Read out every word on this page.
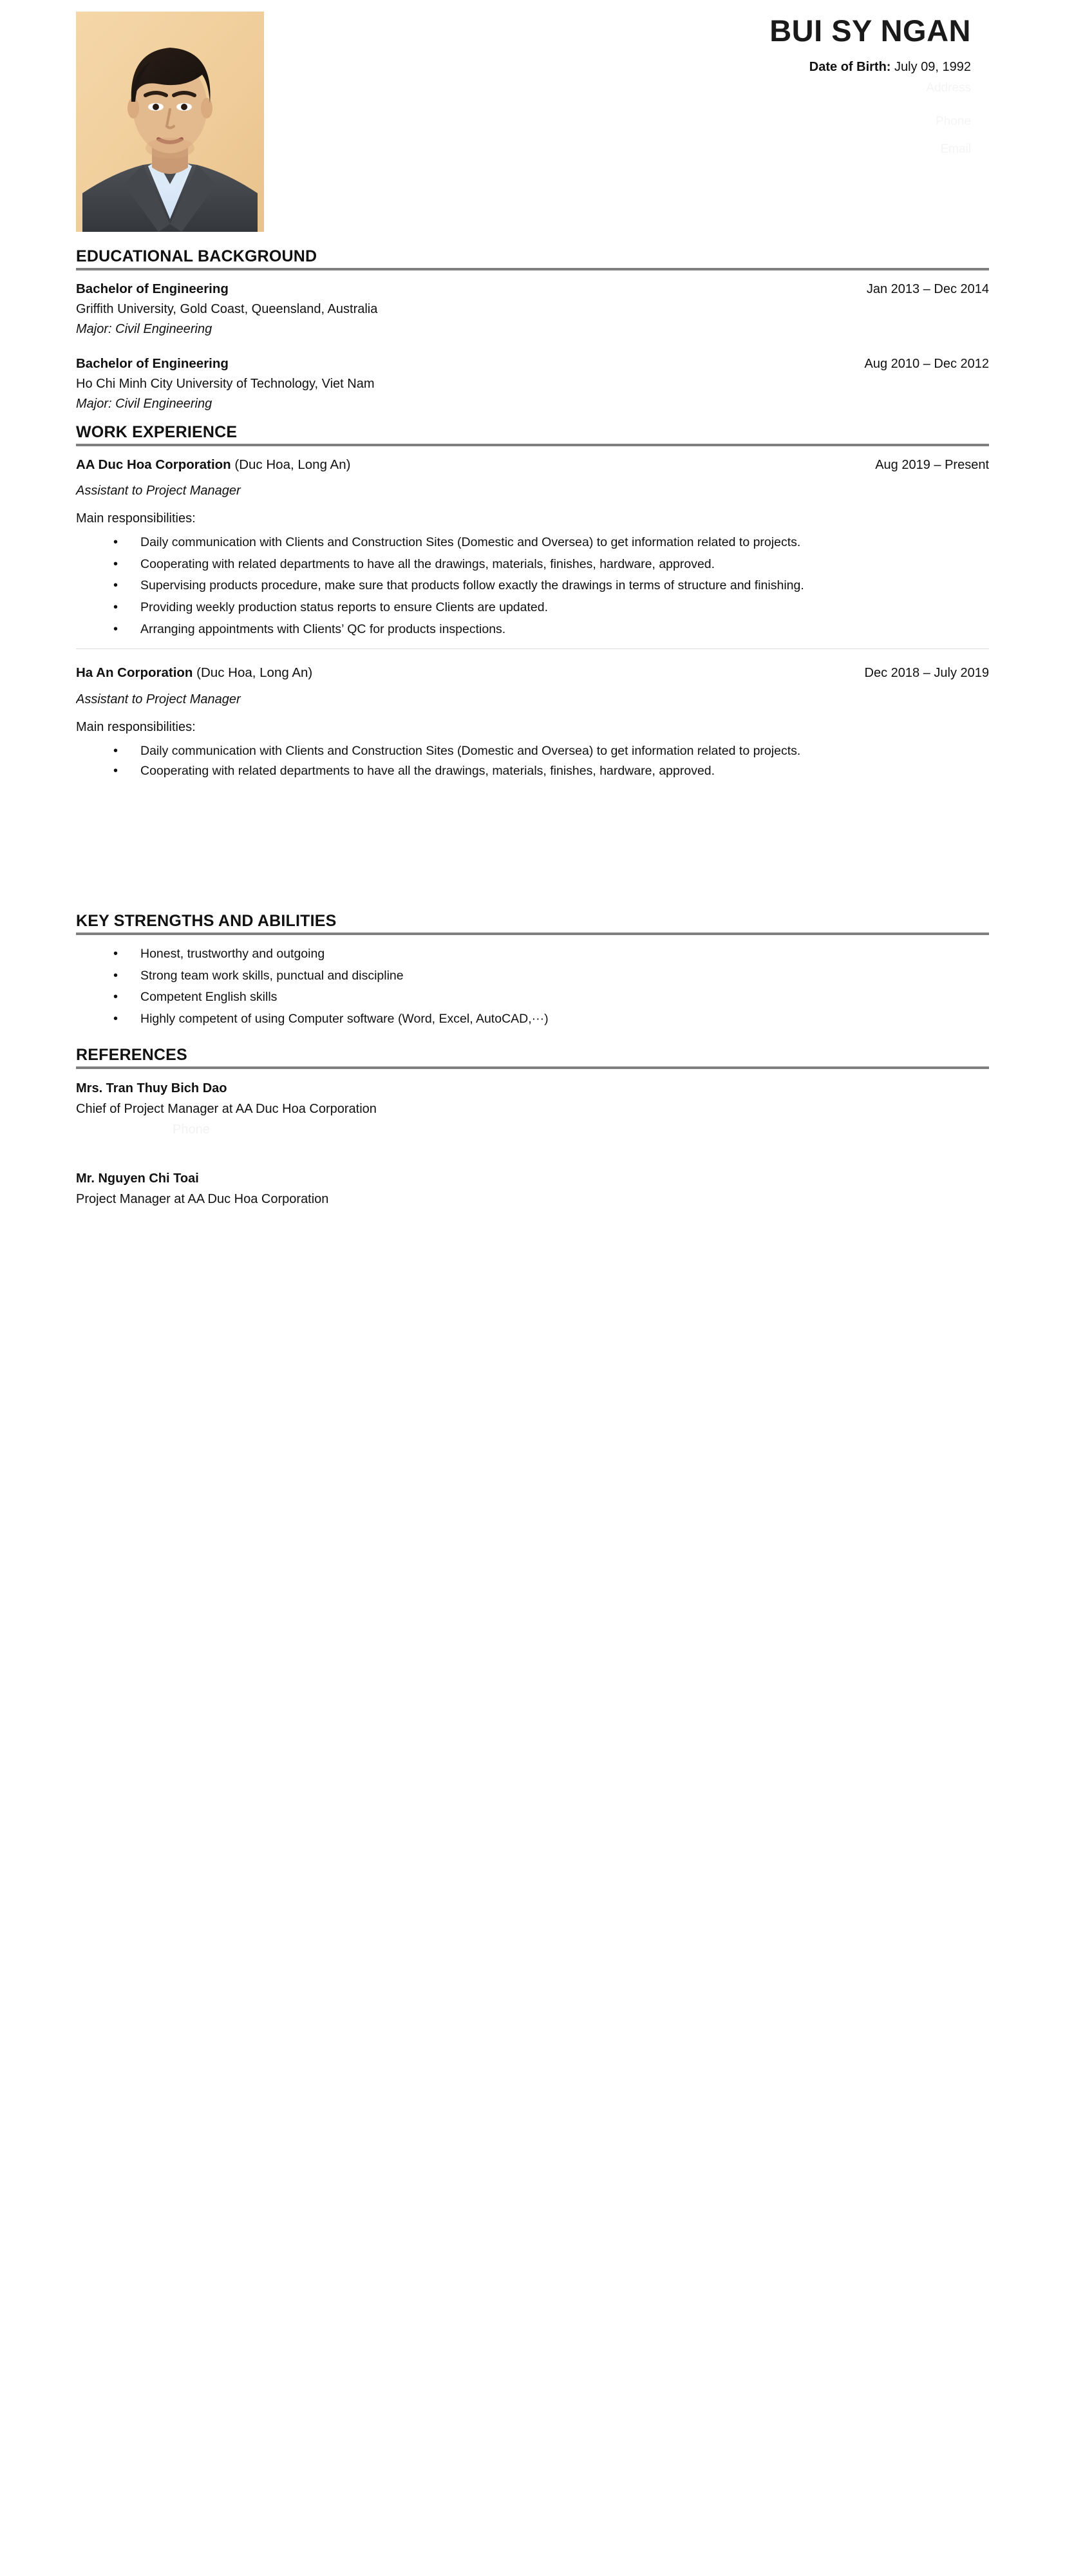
BUI SY NGAN
Date of Birth: July 09, 1992
EDUCATIONAL BACKGROUND
Bachelor of Engineering	Jan 2013 – Dec 2014
Griffith University, Gold Coast, Queensland, Australia
Major: Civil Engineering
Bachelor of Engineering	Aug 2010 – Dec 2012
Ho Chi Minh City University of Technology, Viet Nam
Major: Civil Engineering
WORK EXPERIENCE
AA Duc Hoa Corporation (Duc Hoa, Long An)	Aug 2019 – Present
Assistant to Project Manager
Main responsibilities:
• Daily communication with Clients and Construction Sites (Domestic and Oversea) to get information related to projects.
• Cooperating with related departments to have all the drawings, materials, finishes, hardware, approved.
• Supervising products procedure, make sure that products follow exactly the drawings in terms of structure and finishing.
• Providing weekly production status reports to ensure Clients are updated.
• Arranging appointments with Clients’ QC for products inspections.
Ha An Corporation (Duc Hoa, Long An)	Dec 2018 – July 2019
Assistant to Project Manager
Main responsibilities:
• Daily communication with Clients and Construction Sites (Domestic and Oversea) to get information related to projects.
• Cooperating with related departments to have all the drawings, materials, finishes, hardware, approved.
KEY STRENGTHS AND ABILITIES
• Honest, trustworthy and outgoing
• Strong team work skills, punctual and discipline
• Competent English skills
• Highly competent of using Computer software (Word, Excel, AutoCAD,···)
REFERENCES
Mrs. Tran Thuy Bich Dao
Chief of Project Manager at AA Duc Hoa Corporation
Phone
Mr. Nguyen Chi Toai
Project Manager at AA Duc Hoa Corporation
